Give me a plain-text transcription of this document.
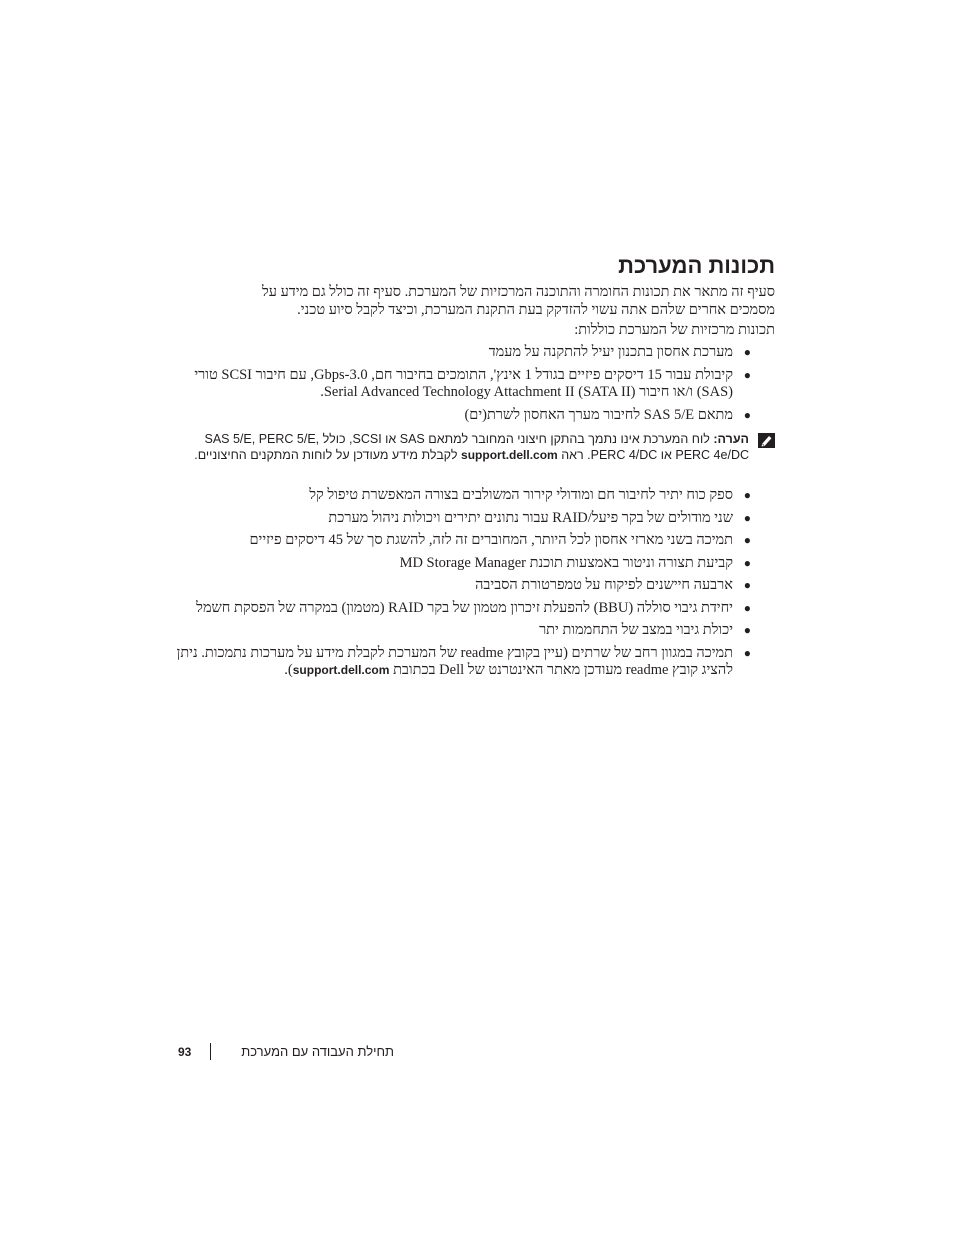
תכונות המערכת

סעיף זה מתאר את תכונות החומרה והתוכנה המרכזיות של המערכת. סעיף זה כולל גם מידע על מסמכים אחרים שלהם אתה עשוי להזדקק בעת התקנת המערכת, וכיצד לקבל סיוע טכני.

תכונות מרכזיות של המערכת כוללות:

●
מערכת אחסון בתכנון יעיל להתקנה על מעמד
●
קיבולת עבור 15 דיסקים פיזיים בגודל 1 אינץ', התומכים בחיבור חם, 3.0-Gbps, עם חיבור SCSI טורי (SAS) ו/או חיבור Serial Advanced Technology Attachment II (SATA II).
●
מתאם SAS 5/E לחיבור מערך האחסון לשרת(ים)
הערה: לוח המערכת אינו נתמך בהתקן חיצוני המחובר למתאם SAS או SCSI, כולל SAS 5/E, PERC 5/E, PERC 4e/DC או PERC 4/DC. ראה support.dell.com לקבלת מידע מעודכן על לוחות המתקנים החיצוניים.
●
ספק כוח יתיר לחיבור חם ומודולי קירור המשולבים בצורה המאפשרת טיפול קל
●
שני מודולים של בקר פיעל/RAID עבור נתונים יתירים ויכולות ניהול מערכת
●
תמיכה בשני מארזי אחסון לכל היותר, המחוברים זה לזה, להשגת סך של 45 דיסקים פיזיים
●
קביעת תצורה וניטור באמצעות תוכנת MD Storage Manager
●
ארבעה חיישנים לפיקוח על טמפרטורת הסביבה
●
יחידת גיבוי סוללה (BBU) להפעלת זיכרון מטמון של בקר RAID (מטמון) במקרה של הפסקת חשמל
●
יכולת גיבוי במצב של התחממות יתר
●
תמיכה במגוון רחב של שרתים (עיין בקובץ readme של המערכת לקבלת מידע על מערכות נתמכות. ניתן להציג קובץ readme מעודכן מאתר האינטרנט של Dell בכתובת support.dell.com).
93	תחילת העבודה עם המערכת
